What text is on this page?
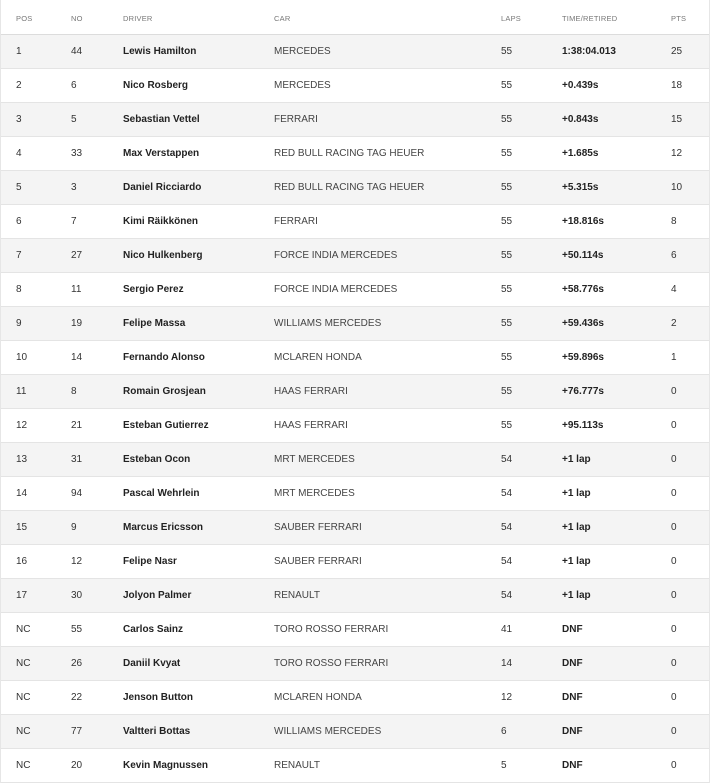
POS	NO	DRIVER	CAR	LAPS	TIME/RETIRED	PTS
1	44	Lewis Hamilton	MERCEDES	55	1:38:04.013	25
2	6	Nico Rosberg	MERCEDES	55	+0.439s	18
3	5	Sebastian Vettel	FERRARI	55	+0.843s	15
4	33	Max Verstappen	RED BULL RACING TAG HEUER	55	+1.685s	12
5	3	Daniel Ricciardo	RED BULL RACING TAG HEUER	55	+5.315s	10
6	7	Kimi Räikkönen	FERRARI	55	+18.816s	8
7	27	Nico Hulkenberg	FORCE INDIA MERCEDES	55	+50.114s	6
8	11	Sergio Perez	FORCE INDIA MERCEDES	55	+58.776s	4
9	19	Felipe Massa	WILLIAMS MERCEDES	55	+59.436s	2
10	14	Fernando Alonso	MCLAREN HONDA	55	+59.896s	1
11	8	Romain Grosjean	HAAS FERRARI	55	+76.777s	0
12	21	Esteban Gutierrez	HAAS FERRARI	55	+95.113s	0
13	31	Esteban Ocon	MRT MERCEDES	54	+1 lap	0
14	94	Pascal Wehrlein	MRT MERCEDES	54	+1 lap	0
15	9	Marcus Ericsson	SAUBER FERRARI	54	+1 lap	0
16	12	Felipe Nasr	SAUBER FERRARI	54	+1 lap	0
17	30	Jolyon Palmer	RENAULT	54	+1 lap	0
NC	55	Carlos Sainz	TORO ROSSO FERRARI	41	DNF	0
NC	26	Daniil Kvyat	TORO ROSSO FERRARI	14	DNF	0
NC	22	Jenson Button	MCLAREN HONDA	12	DNF	0
NC	77	Valtteri Bottas	WILLIAMS MERCEDES	6	DNF	0
NC	20	Kevin Magnussen	RENAULT	5	DNF	0
